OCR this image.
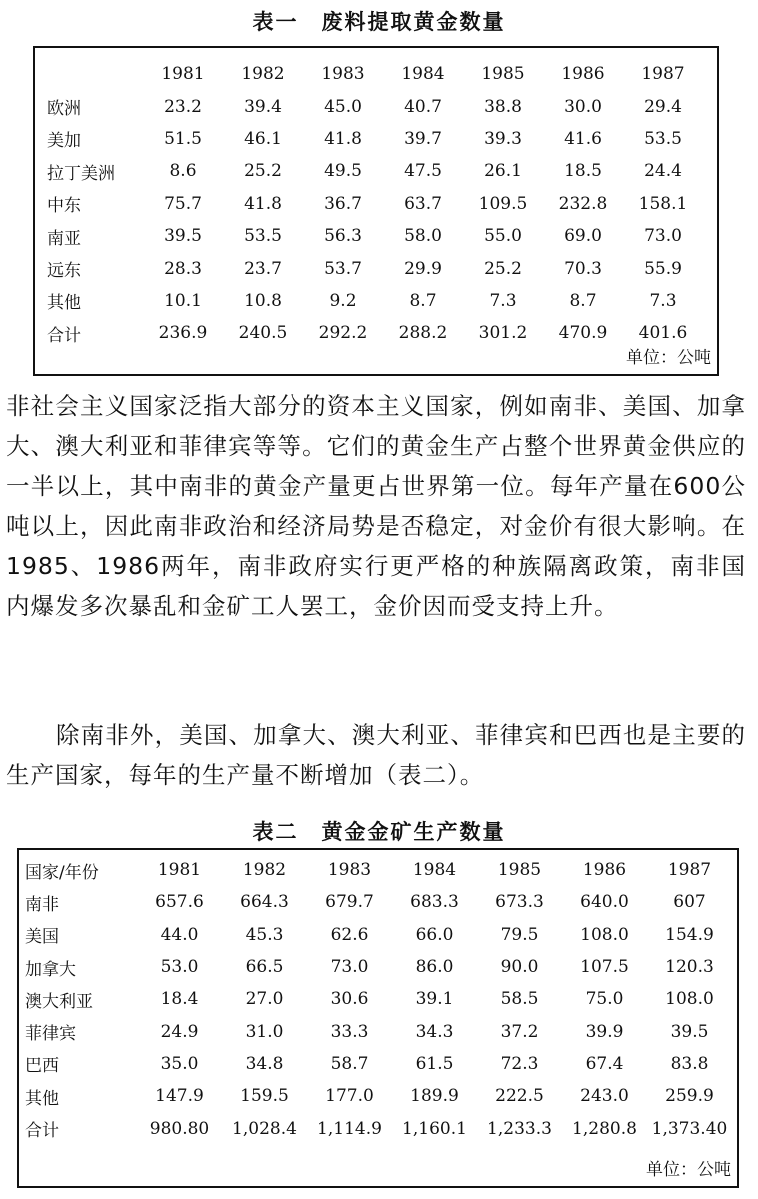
表一　废料提取黄金数量
	1981	1982	1983	1984	1985	1986	1987
欧洲	23.2	39.4	45.0	40.7	38.8	30.0	29.4
美加	51.5	46.1	41.8	39.7	39.3	41.6	53.5
拉丁美洲	8.6	25.2	49.5	47.5	26.1	18.5	24.4
中东	75.7	41.8	36.7	63.7	109.5	232.8	158.1
南亚	39.5	53.5	56.3	58.0	55.0	69.0	73.0
远东	28.3	23.7	53.7	29.9	25.2	70.3	55.9
其他	10.1	10.8	9.2	8.7	7.3	8.7	7.3
合计	236.9	240.5	292.2	288.2	301.2	470.9	401.6
单位：公吨

非社会主义国家泛指大部分的资本主义国家，例如南非、美国、加拿大、澳大利亚和菲律宾等等。它们的黄金生产占整个世界黄金供应的一半以上，其中南非的黄金产量更占世界第一位。每年产量在600公吨以上，因此南非政治和经济局势是否稳定，对金价有很大影响。在1985、1986两年，南非政府实行更严格的种族隔离政策，南非国内爆发多次暴乱和金矿工人罢工，金价因而受支持上升。

除南非外，美国、加拿大、澳大利亚、菲律宾和巴西也是主要的生产国家，每年的生产量不断增加（表二）。

表二　黄金金矿生产数量
国家/年份	1981	1982	1983	1984	1985	1986	1987
南非	657.6	664.3	679.7	683.3	673.3	640.0	607
美国	44.0	45.3	62.6	66.0	79.5	108.0	154.9
加拿大	53.0	66.5	73.0	86.0	90.0	107.5	120.3
澳大利亚	18.4	27.0	30.6	39.1	58.5	75.0	108.0
菲律宾	24.9	31.0	33.3	34.3	37.2	39.9	39.5
巴西	35.0	34.8	58.7	61.5	72.3	67.4	83.8
其他	147.9	159.5	177.0	189.9	222.5	243.0	259.9
合计	980.80	1,028.4	1,114.9	1,160.1	1,233.3	1,280.8	1,373.40
单位：公吨
